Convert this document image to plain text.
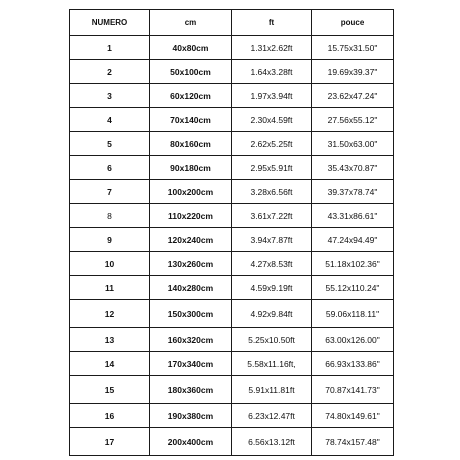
NUMERO	cm	ft	pouce
1	40x80cm	1.31x2.62ft	15.75x31.50"
2	50x100cm	1.64x3.28ft	19.69x39.37"
3	60x120cm	1.97x3.94ft	23.62x47.24"
4	70x140cm	2.30x4.59ft	27.56x55.12"
5	80x160cm	2.62x5.25ft	31.50x63.00"
6	90x180cm	2.95x5.91ft	35.43x70.87"
7	100x200cm	3.28x6.56ft	39.37x78.74"
8	110x220cm	3.61x7.22ft	43.31x86.61"
9	120x240cm	3.94x7.87ft	47.24x94.49"
10	130x260cm	4.27x8.53ft	51.18x102.36"
11	140x280cm	4.59x9.19ft	55.12x110.24"
12	150x300cm	4.92x9.84ft	59.06x118.11"
13	160x320cm	5.25x10.50ft	63.00x126.00"
14	170x340cm	5.58x11.16ft,	66.93x133.86"
15	180x360cm	5.91x11.81ft	70.87x141.73"
16	190x380cm	6.23x12.47ft	74.80x149.61"
17	200x400cm	6.56x13.12ft	78.74x157.48"
